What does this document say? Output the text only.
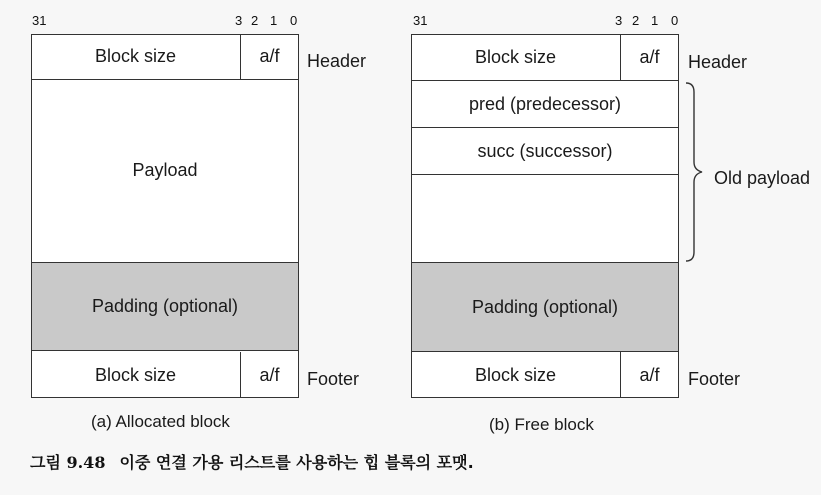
31	3 2 1 0
Block size	a/f
Payload
Padding (optional)
Block size	a/f
Header
Footer
(a) Allocated block
31	3 2 1 0
Block size	a/f
pred (predecessor)
succ (successor)
Padding (optional)
Block size	a/f
Header
Old payload
Footer
(b) Free block
그림 9.48 이중 연결 가용 리스트를 사용하는 힙 블록의 포맷.
